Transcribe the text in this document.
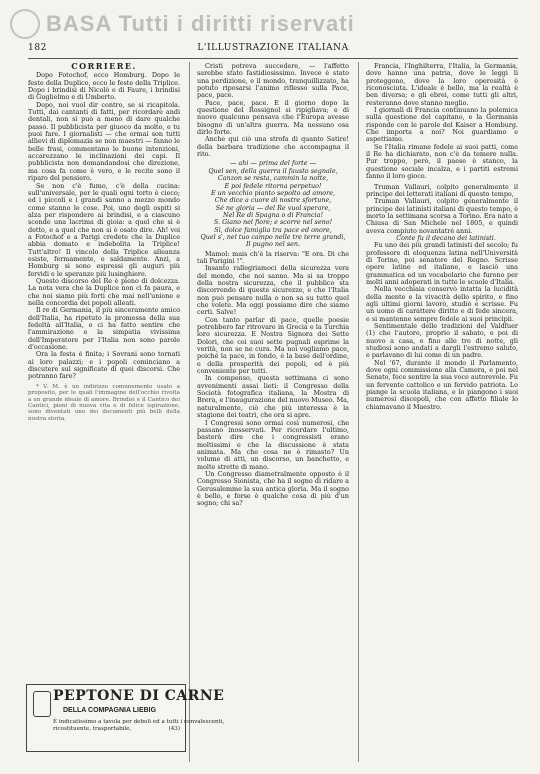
BASA Tutti i diritti riservati
182	L'ILLUSTRAZIONE ITALIANA

CORRIERE.

Dopo Fotochof, ecco Homburg. Dopo le feste della Duplice, ecco le feste della Triplice. Dopo i brindisi di Nicolò e di Faure, i brindisi di Guglielmo e di Umberto.

Dopo, noi vuol dir contro, se si ricapitola. Tutti, dai cantanti di fatti, per ricordare andi dentali, non si può a meno di dare qualche passo. Il pubblicista per giuoco da molto, e tu puoi fare. I giornalisti — che ormai son tutti allievi di diplomazia se non maestri — fanno le belle frasi, commentano le buone intenzioni, accarezzano le inclinazioni dei capi. Il pubblicista non domandandosi che direzione, ma cosa fa come è vero, e le recite sono il riparo del pensiero.

Se non c'è fumo, c'è della cucina: sull'universale, per le quali ogni torto è cieco; ed i piccoli e i grandi sanno a mezzo mondo come stanno le cose. Poi, uno degli ospiti si alza per rispondere ai brindisi, e a ciascuno scende una lacrima di gioia: a quel che si è detto, e a quel che non si è osato dire. Ah! voi a Fotochof e a Parigi credete che la Duplice abbia domato e indebolita la Triplice! Tutt'altro! Il vincolo della Triplice alleanza esiste, fermamente, e saldamente. Anzi, a Homburg si sono espressi gli auguri più fervidi e le speranze più lusinghiere.

Questo discorso del Re è pieno di dolcezza. La nota vera che la Duplice non ci fa paura, e che noi siamo più forti che mai nell'unione e nella concordia dei popoli alleati.

Il re di Germania, il più sinceramente amico dell'Italia, ha ripetuto la promessa della sua fedeltà all'Italia, e ci ha fatto sentire che l'ammirazione e la simpatia vivissima dell'Imperatore per l'Italia non sono parole d'occasione.

Ora la festa è finita; i Sovrani sono tornati ai loro palazzi; e i popoli cominciano a discutere sul significato di quei discorsi. Che potranno fare?

* V. M. è un indirizzo comunemente usato a proposito, per le quali l'immagine dell'occhio rivolta a un grande ideale di amore. Brindisi e il Cantico dei Cantici, pieni di nuova vita e di felice ispirazione, sono diventati uno dei documenti più belli della nostra storia.

Cristi potreva succedere, — l'affetto sarebbe stato fastidiosissimo. Invece è stato una perdizione, e il mondo, tranquillizzato, ha potuto riposarsi l'animo riflesso sulla Pace, pace, pace.

Pace, pace, pace. E il giorno dopo la questione del Rossignol si ripigliava; e di nuovo qualcuno pensava che l'Europa avesse bisogno di un'altra guerra. Ma nessuno osa dirlo forte.

Anche qui ciò una strofa di quanto Satire! della barbara tradizione che accompagna il rito.

— ahi — prima del forte —
Quel sen, della guerra il fausto segnale,
Canzon se resta, cammin la notte,
E poi fedele ritorna perpetuo!
E un vecchio pianto sepolto ad amore,
Che dice a cuore di nostre sfortune,
Sé ne gloria — del Re vuol sperare,
Nel Re di Spagna o di Francia!
S. Giano nel fiore; e scorre nel seno!
Sì, dolce famiglia tra pace ed onore,
Quel s', nel tuo campo nelle tre terre grandi,
Il pugno nel sen.

Mamol: mais ch'è la riserva: "E ora. Di che tali Parigini !".

Insanto rallegriamoci della sicurezza vera del mondo, che noi sanno. Ma si sa troppo della nostra sicurezza, che il pubblico sta discorrendo di queste sicurezze, e che l'Italia non può pensare nulla o non sa su tutto quel che volete. Ma oggi possiamo dire che siamo certi. Salve!

Con tanto parlar di pace, quelle poesie potrebbero far ritrovare in Grecia e la Turchia loro sicurezza. E Nostra Signora dei Sette Dolori, che coi suoi sette pugnali esprime la verità, non se ne cura. Ma noi vogliamo pace, poiché la pace, in fondo, è la base dell'ordine, e della prosperità dei popoli, ed è più conveniente per tutti.

In compenso, questa settimana ci sono avvenimenti assai lieti: il Congresso della Società fotografica italiana, la Mostra di Brera, e l'inaugurazione del nuovo Museo. Ma, naturalmente, ciò che più interessa è la stagione dei teatri, che ora si apre.

I Congressi sono ormai così numerosi, che passano inosservati. Per ricordare l'ultimo, basterà dire che i congressisti erano moltissimi e che la discussione è stata animata. Ma che cosa ne è rimasto? Un volume di atti, un discorso, un banchetto, e molte strette di mano.

Un Congresso diametralmente opposto è il Congresso Sionista, che ha il sogno di ridare a Gerusalemme la sua antica gloria. Ma il sogno è bello, e forse è qualche cosa di più d'un sogno; chi sa?

Francia, l'Inghilterra, l'Italia, la Germania, dove hanno una patria, dove le leggi li proteggono, dove la loro operosità è riconosciuta. L'ideale è bello, ma la realtà è ben diversa; e gli ebrei, come tutti gli altri, resteranno dove stanno meglio.

I giornali di Francia continuano la polemica sulla questione del capitano, e la Germania risponde con le parole del Kaiser a Homburg. Che importa a noi? Noi guardiamo e aspettiamo.

Se l'Italia rimane fedele ai suoi patti, come il Re ha dichiarato, non c'è da temere nulla. Pur troppo, però, il paese è stanco, la questione sociale incalza, e i partiti estremi fanno il loro gioco.

Truman Vallauri, colpito generalmente il principe dei letterati italiani di questo tempo,

Truman Vallauri, colpito generalmente il principe dei latinisti italiani di questo tempo, è morto la settimana scorsa a Torino. Era nato a Chiusa di San Michele nel 1805, e quindi aveva compiuto novantatré anni.

Conte fu il decano dei latinisti.

Fu uno dei più grandi latinisti del secolo; fu professore di eloquenza latina nell'Università di Torino, poi senatore del Regno. Scrisse opere latine ed italiane, e lasciò una grammatica ed un vocabolario che furono per molti anni adoperati in tutte le scuole d'Italia.

Nella vecchiaia conservò intatta la lucidità della mente e la vivacità dello spirito, e fino agli ultimi giorni lavorò, studiò e scrisse. Fu un uomo di carattere diritto e di fede sincera, e si mantenne sempre fedele ai suoi principii.

Sentimentale delle tradizioni del Valdfuer (1) che l'autore, proprio il sabato, e poi di nuovo a casa, e fino alle tre di notte, gli studiosi sono andati a dargli l'estremo saluto, e parlavano di lui come di un padre.

Nel '67, durante il mondo il Parlamento, dove ogni commissione alla Camera, e poi nel Senato, fece sentire la sua voce autorevole. Fu un fervente cattolico e un fervido patriota. Lo piange la scuola italiana, e lo piangono i suoi numerosi discepoli, che con affetto filiale lo chiamavano il Maestro.

PEPTONE DI CARNE
DELLA COMPAGNIA LIEBIG
È indicatissimo a tavola per deboli ed a tutti i convalescenti,
ricostituente, trasportabile,	(43)
